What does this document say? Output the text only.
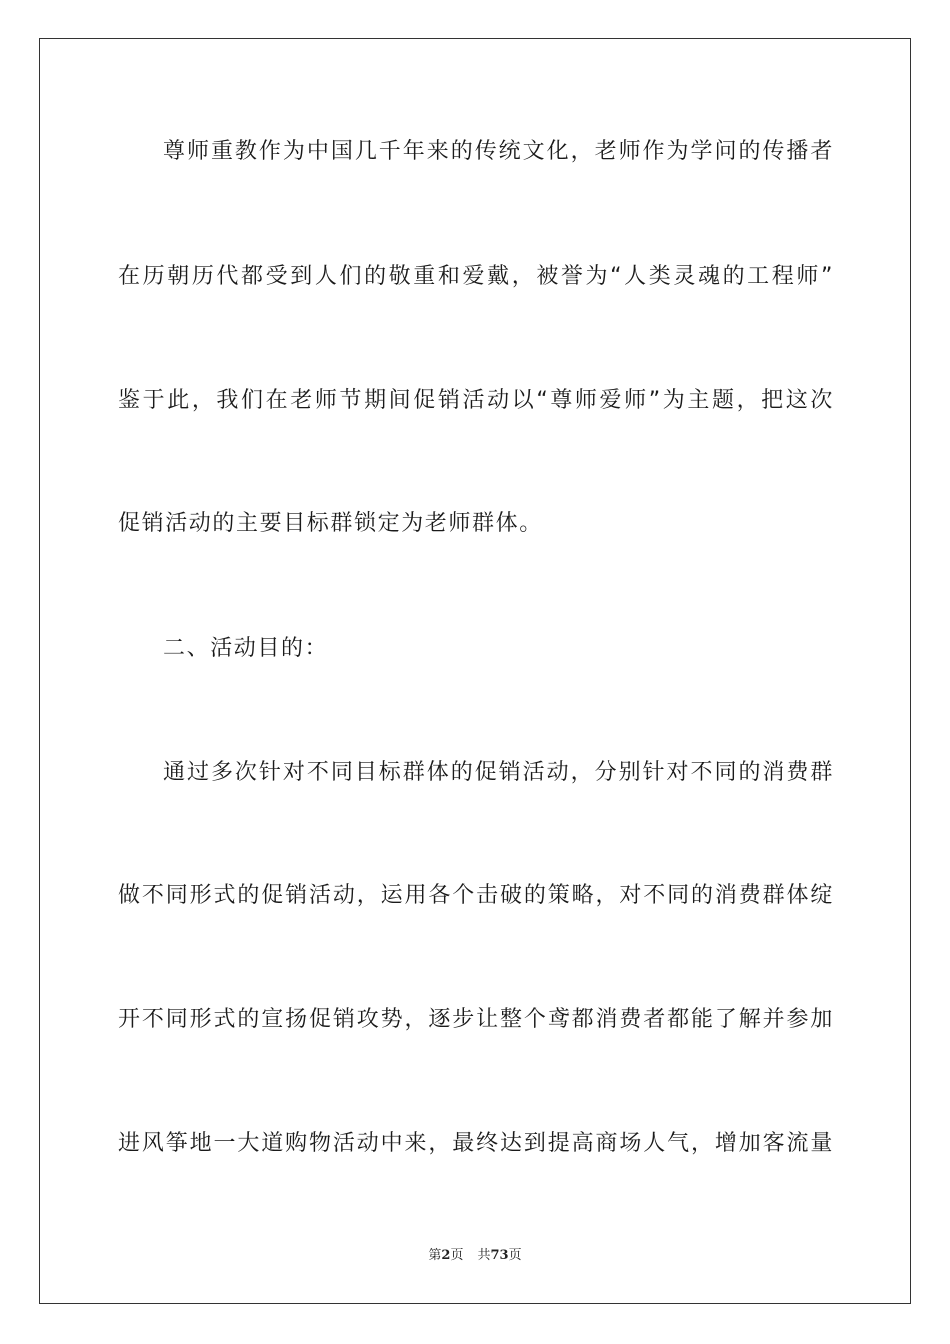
尊师重教作为中国几千年来的传统文化，老师作为学问的传播者
在历朝历代都受到人们的敬重和爱戴，被誉为“人类灵魂的工程师”
鉴于此，我们在老师节期间促销活动以“尊师爱师”为主题，把这次
促销活动的主要目标群锁定为老师群体。
二、活动目的：
通过多次针对不同目标群体的促销活动，分别针对不同的消费群
做不同形式的促销活动，运用各个击破的策略，对不同的消费群体绽
开不同形式的宣扬促销攻势，逐步让整个鸢都消费者都能了解并参加
进风筝地一大道购物活动中来，最终达到提高商场人气，增加客流量
第2页 共73页
